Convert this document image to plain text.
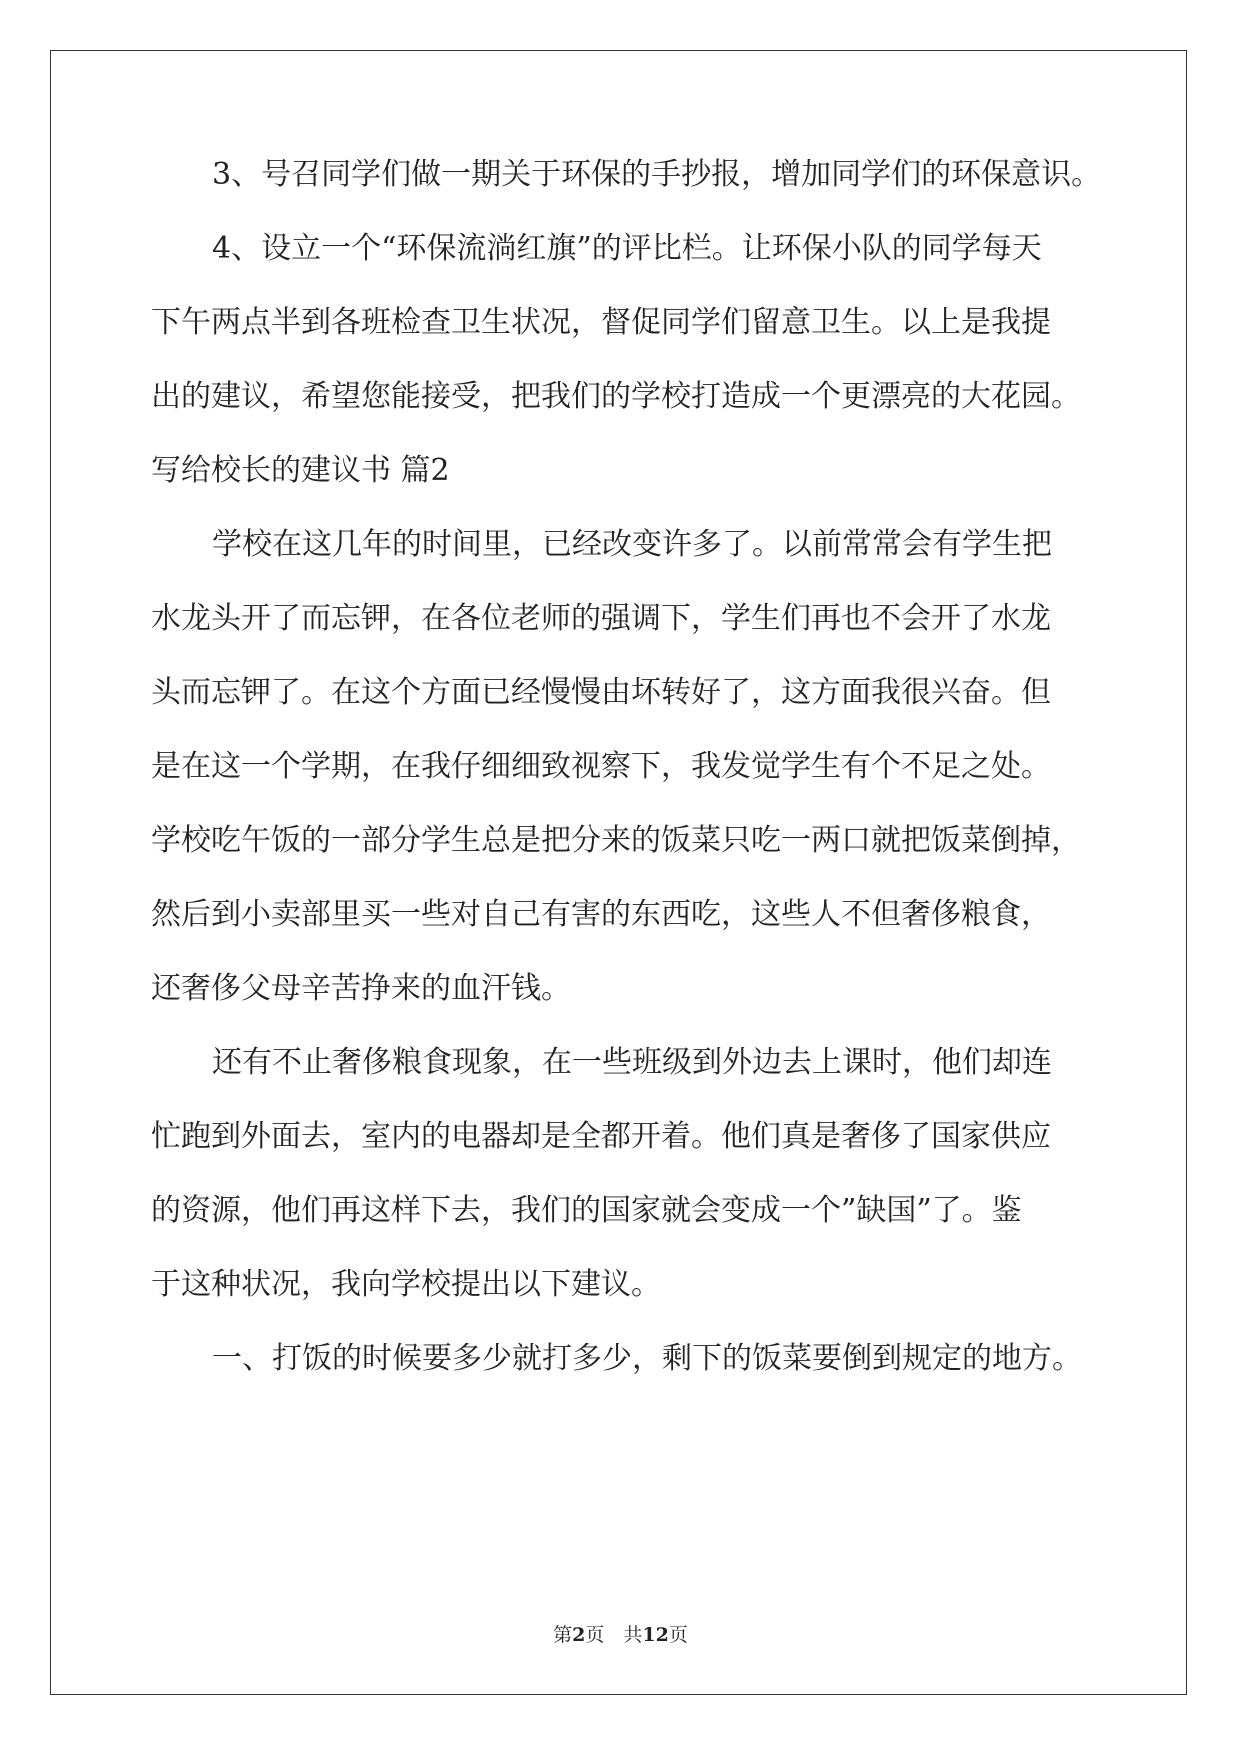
3、号召同学们做一期关于环保的手抄报，增加同学们的环保意识。

4、设立一个“环保流淌红旗”的评比栏。让环保小队的同学每天

下午两点半到各班检查卫生状况，督促同学们留意卫生。以上是我提

出的建议，希望您能接受，把我们的学校打造成一个更漂亮的大花园。

写给校长的建议书 篇2

学校在这几年的时间里，已经改变许多了。以前常常会有学生把

水龙头开了而忘钾，在各位老师的强调下，学生们再也不会开了水龙

头而忘钾了。在这个方面已经慢慢由坏转好了，这方面我很兴奋。但

是在这一个学期，在我仔细细致视察下，我发觉学生有个不足之处。

学校吃午饭的一部分学生总是把分来的饭菜只吃一两口就把饭菜倒掉，

然后到小卖部里买一些对自己有害的东西吃，这些人不但奢侈粮食，

还奢侈父母辛苦挣来的血汗钱。

还有不止奢侈粮食现象，在一些班级到外边去上课时，他们却连

忙跑到外面去，室内的电器却是全都开着。他们真是奢侈了国家供应

的资源，他们再这样下去，我们的国家就会变成一个”缺国”了。鉴

于这种状况，我向学校提出以下建议。

一、打饭的时候要多少就打多少，剩下的饭菜要倒到规定的地方。

第2页　共12页
